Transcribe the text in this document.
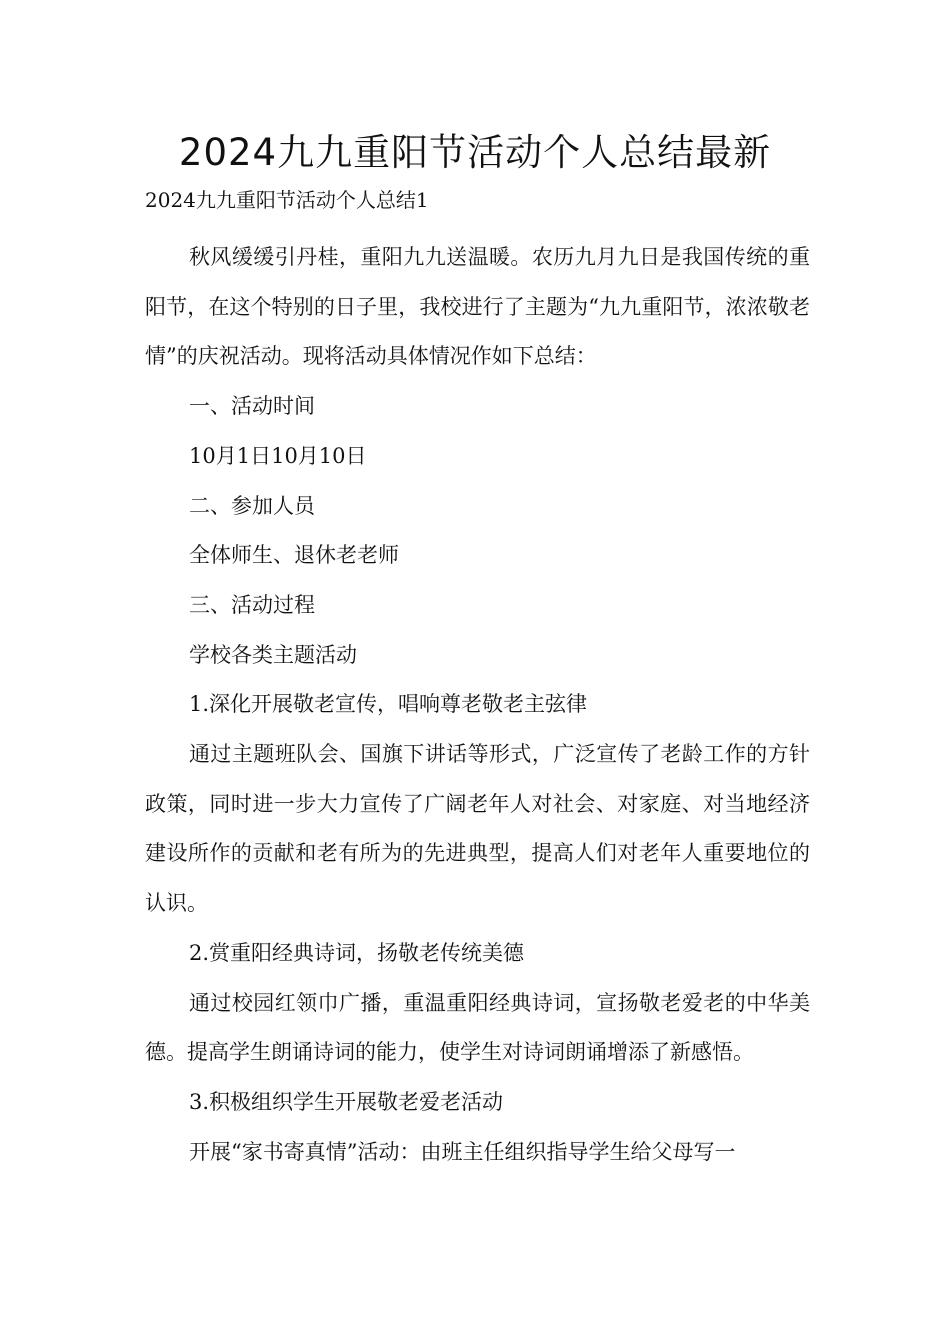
2024九九重阳节活动个人总结最新
2024九九重阳节活动个人总结1

秋风缓缓引丹桂，重阳九九送温暖。农历九月九日是我国传统的重阳节，在这个特别的日子里，我校进行了主题为“九九重阳节，浓浓敬老情”的庆祝活动。现将活动具体情况作如下总结：

一、活动时间

10月1日10月10日

二、参加人员

全体师生、退休老老师

三、活动过程

学校各类主题活动

1.深化开展敬老宣传，唱响尊老敬老主弦律

通过主题班队会、国旗下讲话等形式，广泛宣传了老龄工作的方针政策，同时进一步大力宣传了广阔老年人对社会、对家庭、对当地经济建设所作的贡献和老有所为的先进典型，提高人们对老年人重要地位的认识。

2.赏重阳经典诗词，扬敬老传统美德

通过校园红领巾广播，重温重阳经典诗词，宣扬敬老爱老的中华美德。提高学生朗诵诗词的能力，使学生对诗词朗诵增添了新感悟。

3.积极组织学生开展敬老爱老活动

开展“家书寄真情”活动：由班主任组织指导学生给父母写一
